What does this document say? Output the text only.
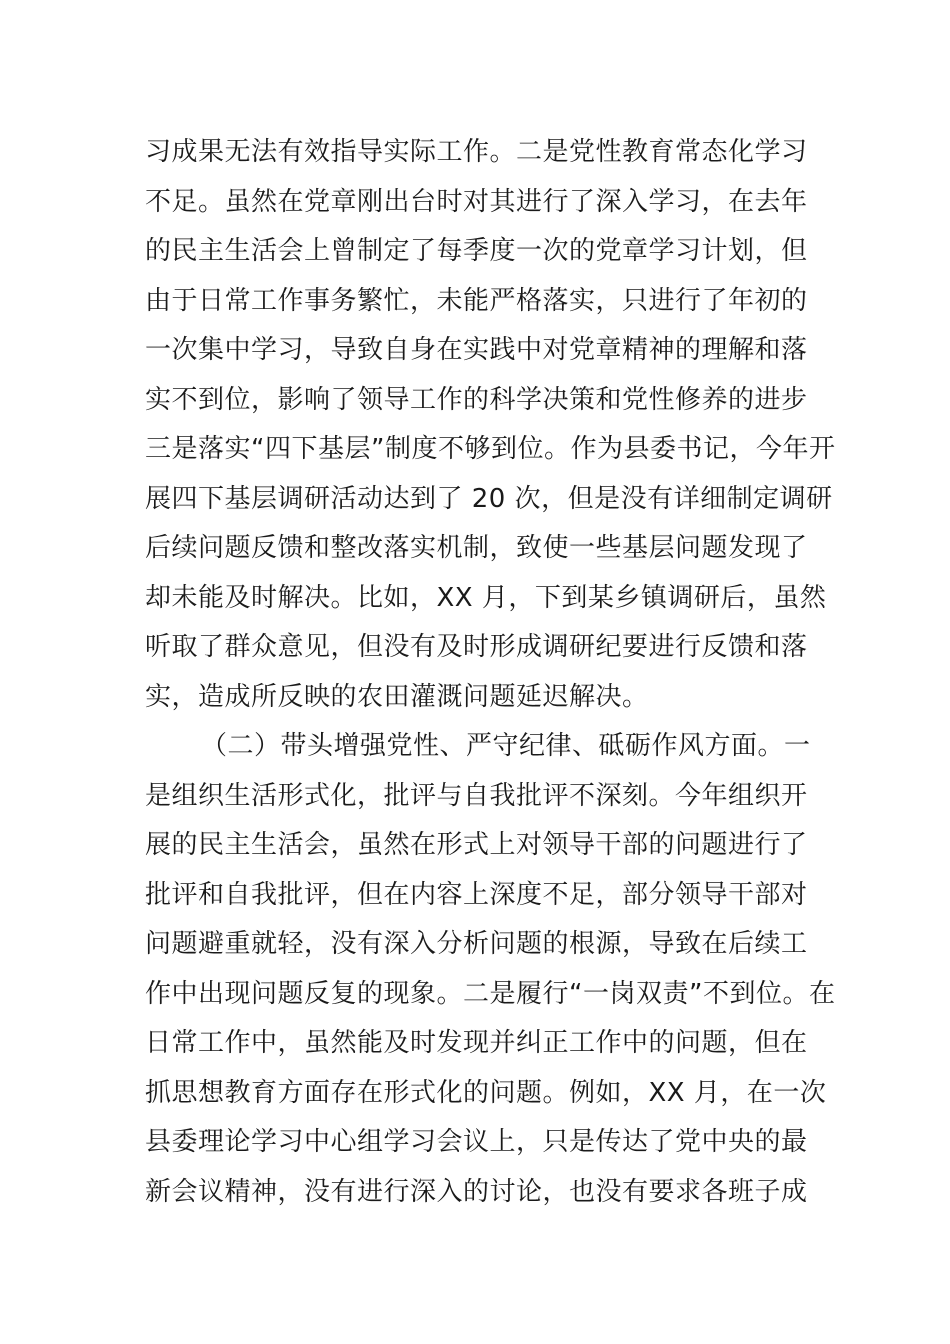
习成果无法有效指导实际工作。二是党性教育常态化学习
不足。虽然在党章刚出台时对其进行了深入学习，在去年
的民主生活会上曾制定了每季度一次的党章学习计划，但
由于日常工作事务繁忙，未能严格落实，只进行了年初的
一次集中学习，导致自身在实践中对党章精神的理解和落
实不到位，影响了领导工作的科学决策和党性修养的进步
三是落实“四下基层”制度不够到位。作为县委书记，今年开
展四下基层调研活动达到了 20 次，但是没有详细制定调研
后续问题反馈和整改落实机制，致使一些基层问题发现了
却未能及时解决。比如，XX 月，下到某乡镇调研后，虽然
听取了群众意见，但没有及时形成调研纪要进行反馈和落
实，造成所反映的农田灌溉问题延迟解决。
（二）带头增强党性、严守纪律、砥砺作风方面。一
是组织生活形式化，批评与自我批评不深刻。今年组织开
展的民主生活会，虽然在形式上对领导干部的问题进行了
批评和自我批评，但在内容上深度不足，部分领导干部对
问题避重就轻，没有深入分析问题的根源，导致在后续工
作中出现问题反复的现象。二是履行“一岗双责”不到位。在
日常工作中，虽然能及时发现并纠正工作中的问题，但在
抓思想教育方面存在形式化的问题。例如，XX 月，在一次
县委理论学习中心组学习会议上，只是传达了党中央的最
新会议精神，没有进行深入的讨论，也没有要求各班子成
